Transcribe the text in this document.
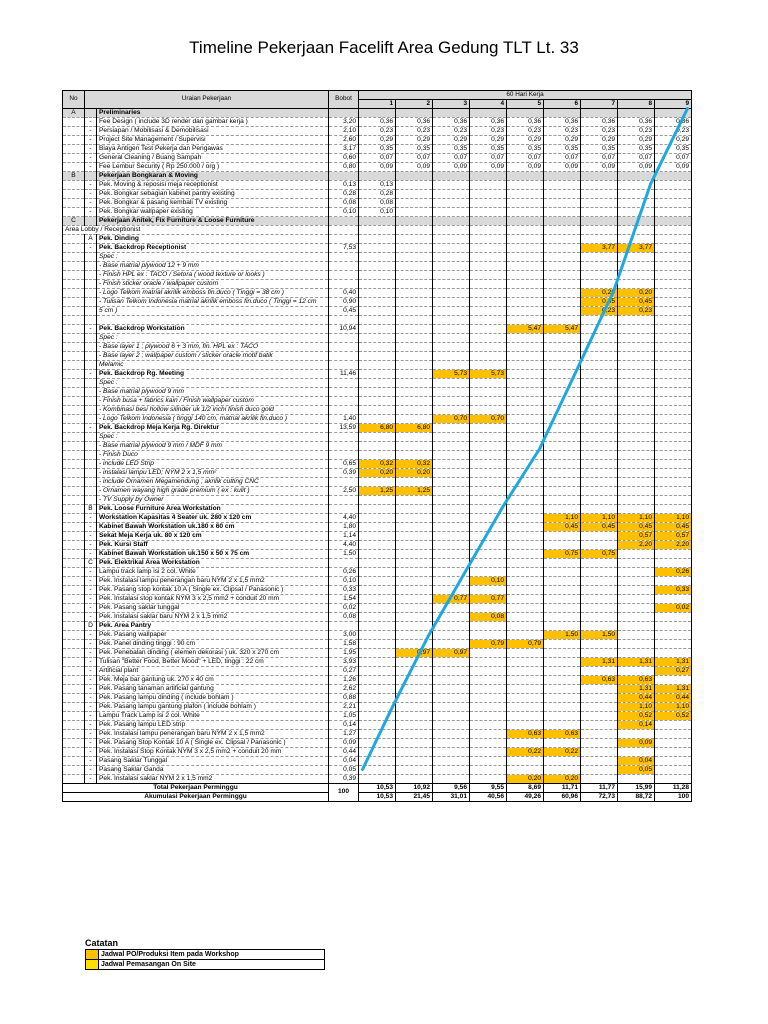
Timeline Pekerjaan Facelift Area Gedung TLT Lt. 33
No	Uraian Pekerjaan		Bobot	60 Hari Kerja								
				1	2	3	4	5	6	7	8	9
A		Preliminaries										
	-	Fee Design ( include 3D render dan gambar kerja )	3,20	0,36	0,36	0,36	0,36	0,36	0,36	0,36	0,36	0,36
	-	Persiapan / Mobilisasi & Demobilisasi	2,10	0,23	0,23	0,23	0,23	0,23	0,23	0,23	0,23	0,23
	-	Project Site Management / Supervisi	2,60	0,29	0,29	0,29	0,29	0,29	0,29	0,29	0,29	0,29
	-	Biaya Antigen Test Pekerja dan Pengawas	3,17	0,35	0,35	0,35	0,35	0,35	0,35	0,35	0,35	0,35
	-	General Cleaning / Buang Sampah	0,60	0,07	0,07	0,07	0,07	0,07	0,07	0,07	0,07	0,07
	-	Fee Lembur Security ( Rp 250.000 / org )	0,80	0,09	0,09	0,09	0,09	0,09	0,09	0,09	0,09	0,09
B		Pekerjaan Bongkaran & Moving										
	-	Pek. Moving & reposisi meja receptionist	0,13	0,13								
	-	Pek. Bongkar sebagian kabinet pantry existing	0,28	0,28								
	-	Pek. Bongkar & pasang kembali TV existing	0,08	0,08								
	-	Pek. Bongkar wallpaper existing	0,10	0,10								
C		Pekerjaan Anitek, Fix Furniture & Loose Furniture										
Area Lobby / Receptionist												
	A	Pek. Dinding										
	-	Pek. Backdrop Receptionist	7,53							3,77	3,77	
		Spec :										
		- Base matrial plywood 12 + 9 mm										
		- Finish HPL ex : TACO / Setora ( wood texture or looks )										
		- Finish sticker oracle / wallpaper custom										
		- Logo Telkom matrial akrilik emboss fin.duco ( Tinggi = 38 cm )	0,40							0,20	0,20	
		- Tulisan Telkom Indonesia matrial akrilik emboss fin.duco ( Tinggi = 12 cm	0,90							0,45	0,45	
		5 cm )	0,45							0,23	0,23	

	-	Pek. Backdrop Workstation	10,94					5,47	5,47			
		Spec :										
		- Base layer 1 ; plywood 6 + 3 mm, fin. HPL ex : TACO										
		- Base layer 2 ; wallpaper custom / sticker oracle motif batik										
		Melamic										
	-	Pek. Backdrop Rg. Meeting	11,46			5,73	5,73					
		Spec :										
		- Base matrial plywood 9 mm										
		- Finish busa + fabrics kain / Finish wallpaper custom										
		- Kombinasi besi hollow silinder uk 1/2 inchi finish duco gold										
		- Logo Telkom Indonesia ( tinggi 140 cm, matrial akrilik fin.duco )	1,40			0,70	0,70					
	-	Pek. Backdrop Meja Kerja Rg. Direktur	13,59	6,80	6,80							
		Spec :										
		- Base matrial plywood 9 mm / MDF 9 mm										
		- Finish Duco										
		- include LED Strip	0,65	0,32	0,32							
		- instalasi lampu LED; NYM 2 x 1,5 mm²	0,39	0,20	0,20							
		- include Ornamen Megamendung ; akrilik cutting CNC										
		- Ornamen wayang high grade premium ( ex : kulit )	2,50	1,25	1,25							
		- TV Supply by Owner										
	B	Pek. Loose Furniture Area Workstation										
	-	Workstation Kapasitas 4 Seater uk. 280 x 120 cm	4,40						1,10	1,10	1,10	1,10
	-	Kabinet Bawah Workstation uk.180 x 60 cm	1,80						0,45	0,45	0,45	0,45
	-	Sekat Meja Kerja uk. 80 x 120 cm	1,14								0,57	0,57
	-	Pek. Kursi Staff	4,40								2,20	2,20
	-	Kabinet Bawah Workstation uk.150 x 50 x 75 cm	1,50						0,75	0,75		
	C	Pek. Elektrikal Area Workstation										
	-	Lampu track lamp isi 2 col. White	0,26									0,26
	-	Pek. Instalasi lampu penerangan baru NYM 2 x 1,5 mm2	0,10				0,10					
	-	Pek. Pasang stop kontak 10 A ( Single ex. Clipsal / Panasonic )	0,33									0,33
	-	Pek. Instalasi stop kontak NYM 3 x 2,5 mm2 + conduit 20 mm	1,54			0,77	0,77					
	-	Pek. Pasang saklar tunggal	0,02									0,02
	-	Pek. Instalasi saklar baru NYM 2 x 1,5 mm2	0,08				0,08					
	D	Pek. Area Pantry										
	-	Pek. Pasang wallpaper	3,00						1,50	1,50		
	-	Pek. Panel dinding tinggi : 90 cm	1,58				0,79	0,79				
	-	Pek. Penebalan dinding ( elemen dekorasi ) uk. 320 x 270 cm	1,95		0,97	0,97						
	-	Tulisan "Better Food, Better Mood" + LED, tinggi : 22 cm	3,93							1,31	1,31	1,31
	-	Artificial plant	0,27									0,27
	-	Pek. Meja bar gantung uk. 270 x 40 cm	1,26							0,63	0,63	
	-	Pek. Pasang tanaman artificial gantung	2,62								1,31	1,31
	-	Pek. Pasang lampu dinding ( include bohlam )	0,88								0,44	0,44
	-	Pek. Pasang lampu gantung plafon ( include bohlam )	2,21								1,10	1,10
	-	Lampu Track Lamp isi 2 col. White	1,05								0,52	0,52
	-	Pek. Pasang lampu LED strip	0,14								0,14	
	-	Pek. Instalasi lampu penerangan baru NYM 2 x 1,5 mm2	1,27					0,63	0,63			
	-	Pek. Pasang Stop Kontak 10 A ( Single ex. Clipsal / Panasonic )	0,09								0,09	
	-	Pek. Instalasi Stop Kontak NYM 3 x 2,5 mm2 + conduit 20 mm	0,44					0,22	0,22			
	-	Pasang Saklar Tunggal	0,04								0,04	
	-	Pasang Saklar Ganda	0,05								0,05	
	-	Pek. Instalasi saklar NYM 2 x 1,5 mm2	0,39					0,20	0,20			
Total Pekerjaan Perminggu			100	10,53	10,92	9,56	9,55	8,69	11,71	11,77	15,99	11,28
Akumulasi Pekerjaan Perminggu				10,53	21,45	31,01	40,56	49,26	60,96	72,73	88,72	100
Catatan
Jadwal PO/Produksi Item pada Workshop
Jadwal Pemasangan On Site
